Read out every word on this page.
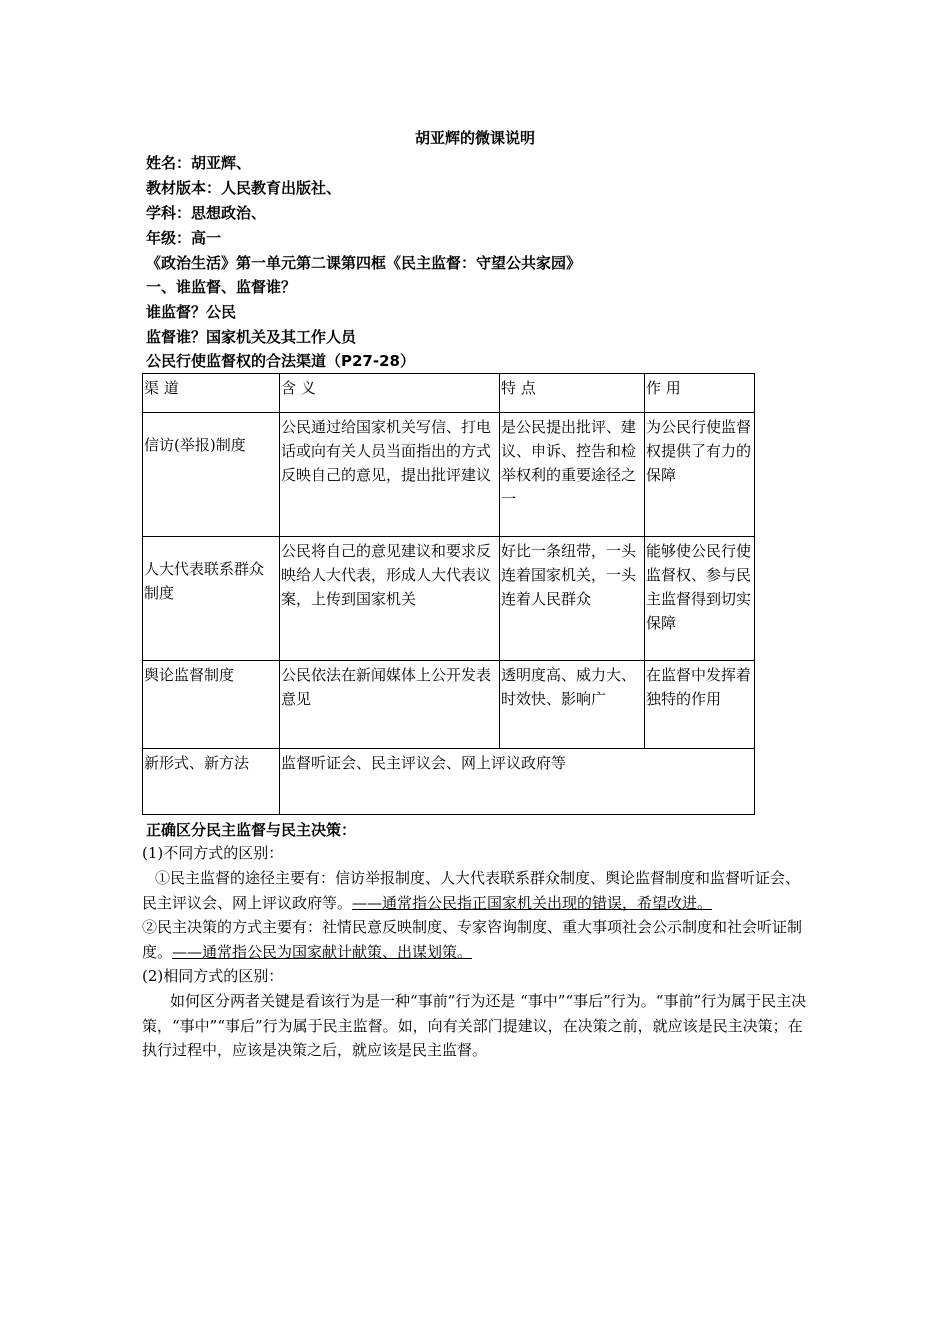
胡亚辉的微课说明
姓名：胡亚辉、
教材版本：人民教育出版社、
学科：思想政治、
年级：高一
《政治生活》第一单元第二课第四框《民主监督：守望公共家园》
一、谁监督、监督谁？
谁监督？公民
监督谁？国家机关及其工作人员
公民行使监督权的合法渠道（P27-28）
渠 道	含 义	特 点	作 用
信访(举报)制度	公民通过给国家机关写信、打电话或向有关人员当面指出的方式反映自己的意见，提出批评建议	是公民提出批评、建议、申诉、控告和检举权利的重要途径之一	为公民行使监督权提供了有力的保障
人大代表联系群众制度	公民将自己的意见建议和要求反映给人大代表，形成人大代表议案，上传到国家机关	好比一条纽带，一头连着国家机关，一头连着人民群众	能够使公民行使监督权、参与民主监督得到切实保障
舆论监督制度	公民依法在新闻媒体上公开发表意见	透明度高、威力大、时效快、影响广	在监督中发挥着独特的作用
新形式、新方法	监督听证会、民主评议会、网上评议政府等		
正确区分民主监督与民主决策：
(1)不同方式的区别：
①民主监督的途径主要有：信访举报制度、人大代表联系群众制度、舆论监督制度和监督听证会、民主评议会、网上评议政府等。——通常指公民指正国家机关出现的错误，希望改进。
②民主决策的方式主要有：社情民意反映制度、专家咨询制度、重大事项社会公示制度和社会听证制度。——通常指公民为国家献计献策、出谋划策。
(2)相同方式的区别：
如何区分两者关键是看该行为是一种“事前”行为还是 “事中”“事后”行为。“事前”行为属于民主决策，“事中”“事后”行为属于民主监督。如，向有关部门提建议，在决策之前，就应该是民主决策；在执行过程中，应该是决策之后，就应该是民主监督。
